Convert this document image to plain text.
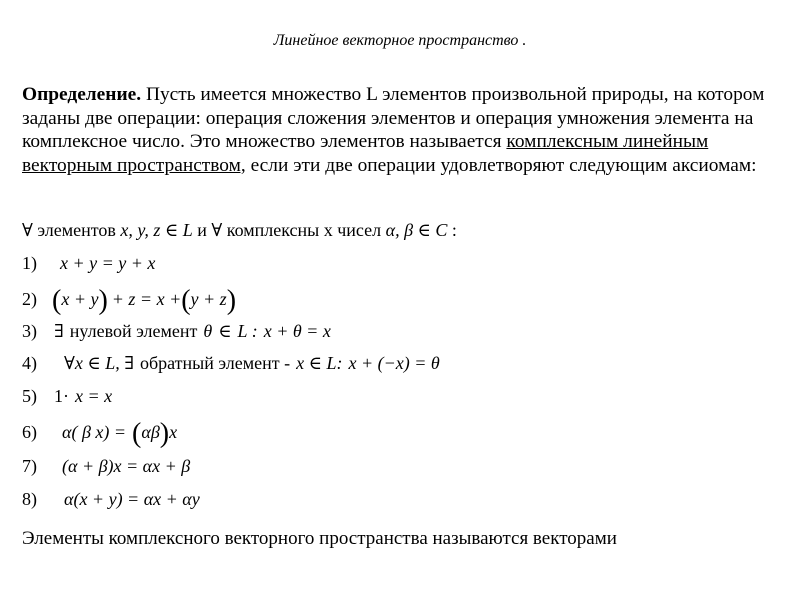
Линейное векторное пространство .
Определение. Пусть имеется множество L элементов произвольной природы, на котором заданы две операции: операция сложения элементов и операция умножения элемента на комплексное число. Это множество элементов называется комплексным линейным векторным пространством, если эти две операции удовлетворяют следующим аксиомам:
∀ элементов x, y, z ∈ L и ∀ комплексны х чисел α, β ∈ C :
1) x + y = y + x
2) (x + y) + z = x +(y + z)
3) ∃ нулевой элемент θ ∈ L : x + θ = x
4) ∀x ∈ L, ∃ обратный элемент - x ∈ L: x + (−x) = θ
5) 1· x = x
6) α( β x) = (αβ)x
7) (α + β)x = αx + β
8) α(x + y) = αx + αy
Элементы комплексного векторного пространства называются векторами
